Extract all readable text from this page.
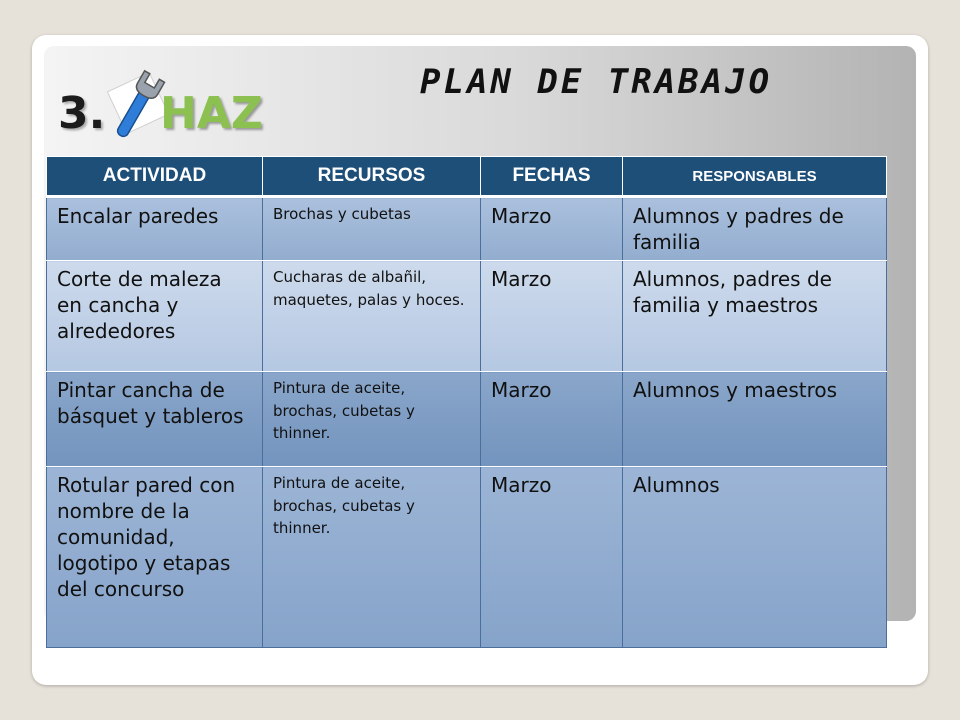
3. HAZ
PLAN DE TRABAJO
ACTIVIDAD	RECURSOS	FECHAS	RESPONSABLES
Encalar paredes	Brochas y cubetas	Marzo	Alumnos y padres de familia
Corte de maleza en cancha y alrededores	Cucharas de albañil, maquetes, palas y hoces.	Marzo	Alumnos, padres de familia y maestros
Pintar cancha de básquet y tableros	Pintura de aceite, brochas, cubetas y thinner.	Marzo	Alumnos y maestros
Rotular pared con nombre de la comunidad, logotipo y etapas del concurso	Pintura de aceite, brochas, cubetas y thinner.	Marzo	Alumnos
